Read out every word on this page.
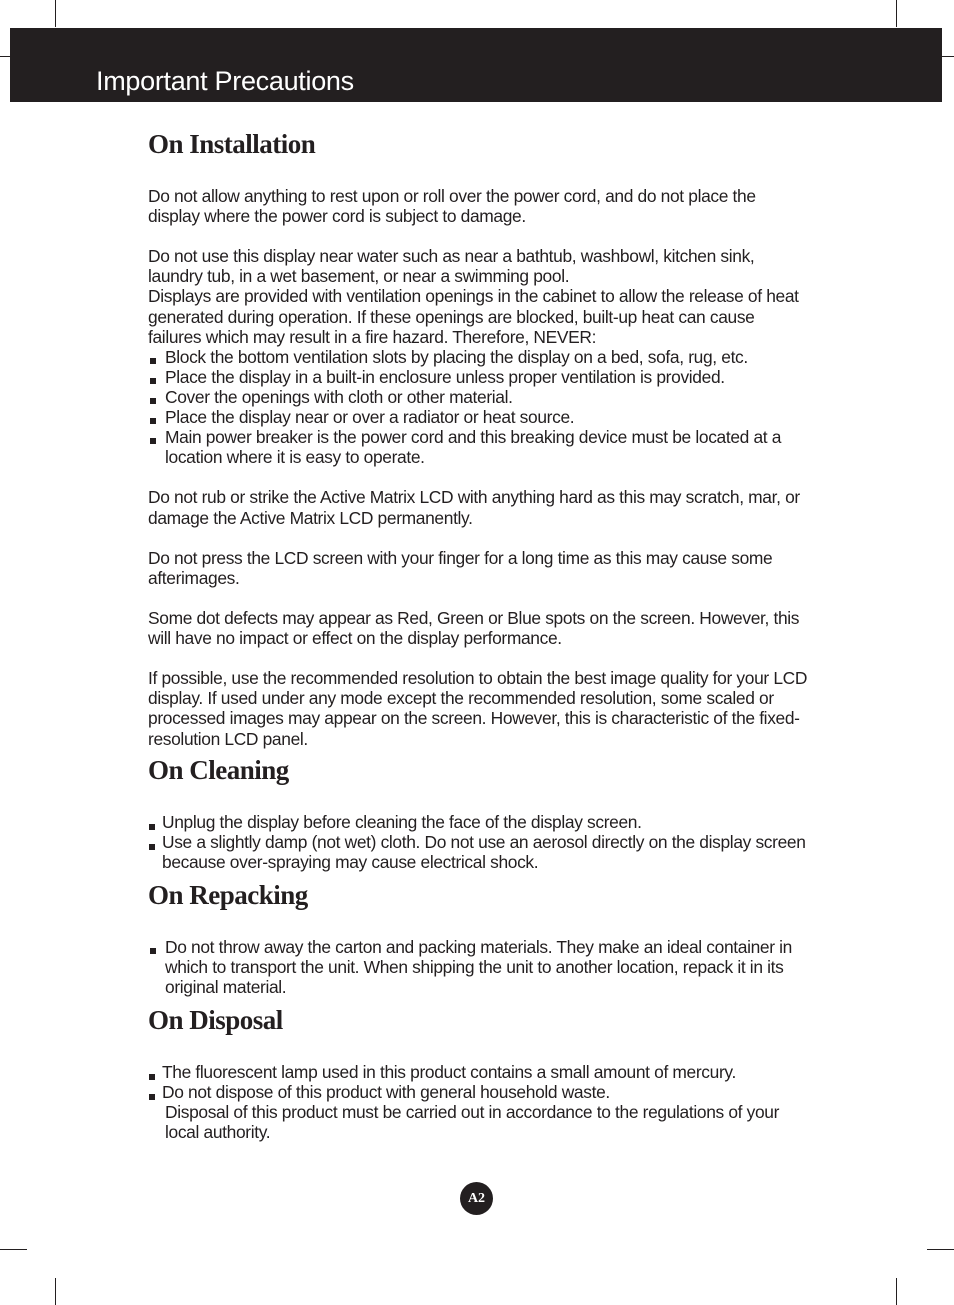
Important Precautions
On Installation

Do not allow anything to rest upon or roll over the power cord, and do not place the display where the power cord is subject to damage.

Do not use this display near water such as near a bathtub, washbowl, kitchen sink, laundry tub, in a wet basement, or near a swimming pool.

Displays are provided with ventilation openings in the cabinet to allow the release of heat generated during operation. If these openings are blocked, built-up heat can cause failures which may result in a fire hazard. Therefore, NEVER:

Block the bottom ventilation slots by placing the display on a bed, sofa, rug, etc.
Place the display in a built-in enclosure unless proper ventilation is provided.
Cover the openings with cloth or other material.
Place the display near or over a radiator or heat source.
Main power breaker is the power cord and this breaking device must be located at a location where it is easy to operate.

Do not rub or strike the Active Matrix LCD with anything hard as this may scratch, mar, or damage the Active Matrix LCD permanently.

Do not press the LCD screen with your finger for a long time as this may cause some afterimages.

Some dot defects may appear as Red, Green or Blue spots on the screen. However, this will have no impact or effect on the display performance.

If possible, use the recommended resolution to obtain the best image quality for your LCD display. If used under any mode except the recommended resolution, some scaled or processed images may appear on the screen. However, this is characteristic of the fixed-resolution LCD panel.

On Cleaning
Unplug the display before cleaning the face of the display screen.
Use a slightly damp (not wet) cloth. Do not use an aerosol directly on the display screen because over-spraying may cause electrical shock.
On Repacking
Do not throw away the carton and packing materials. They make an ideal container in which to transport the unit. When shipping the unit to another location, repack it in its original material.
On Disposal
The fluorescent lamp used in this product contains a small amount of mercury.
Do not dispose of this product with general household waste.
Disposal of this product must be carried out in accordance to the regulations of your local authority.
A2
